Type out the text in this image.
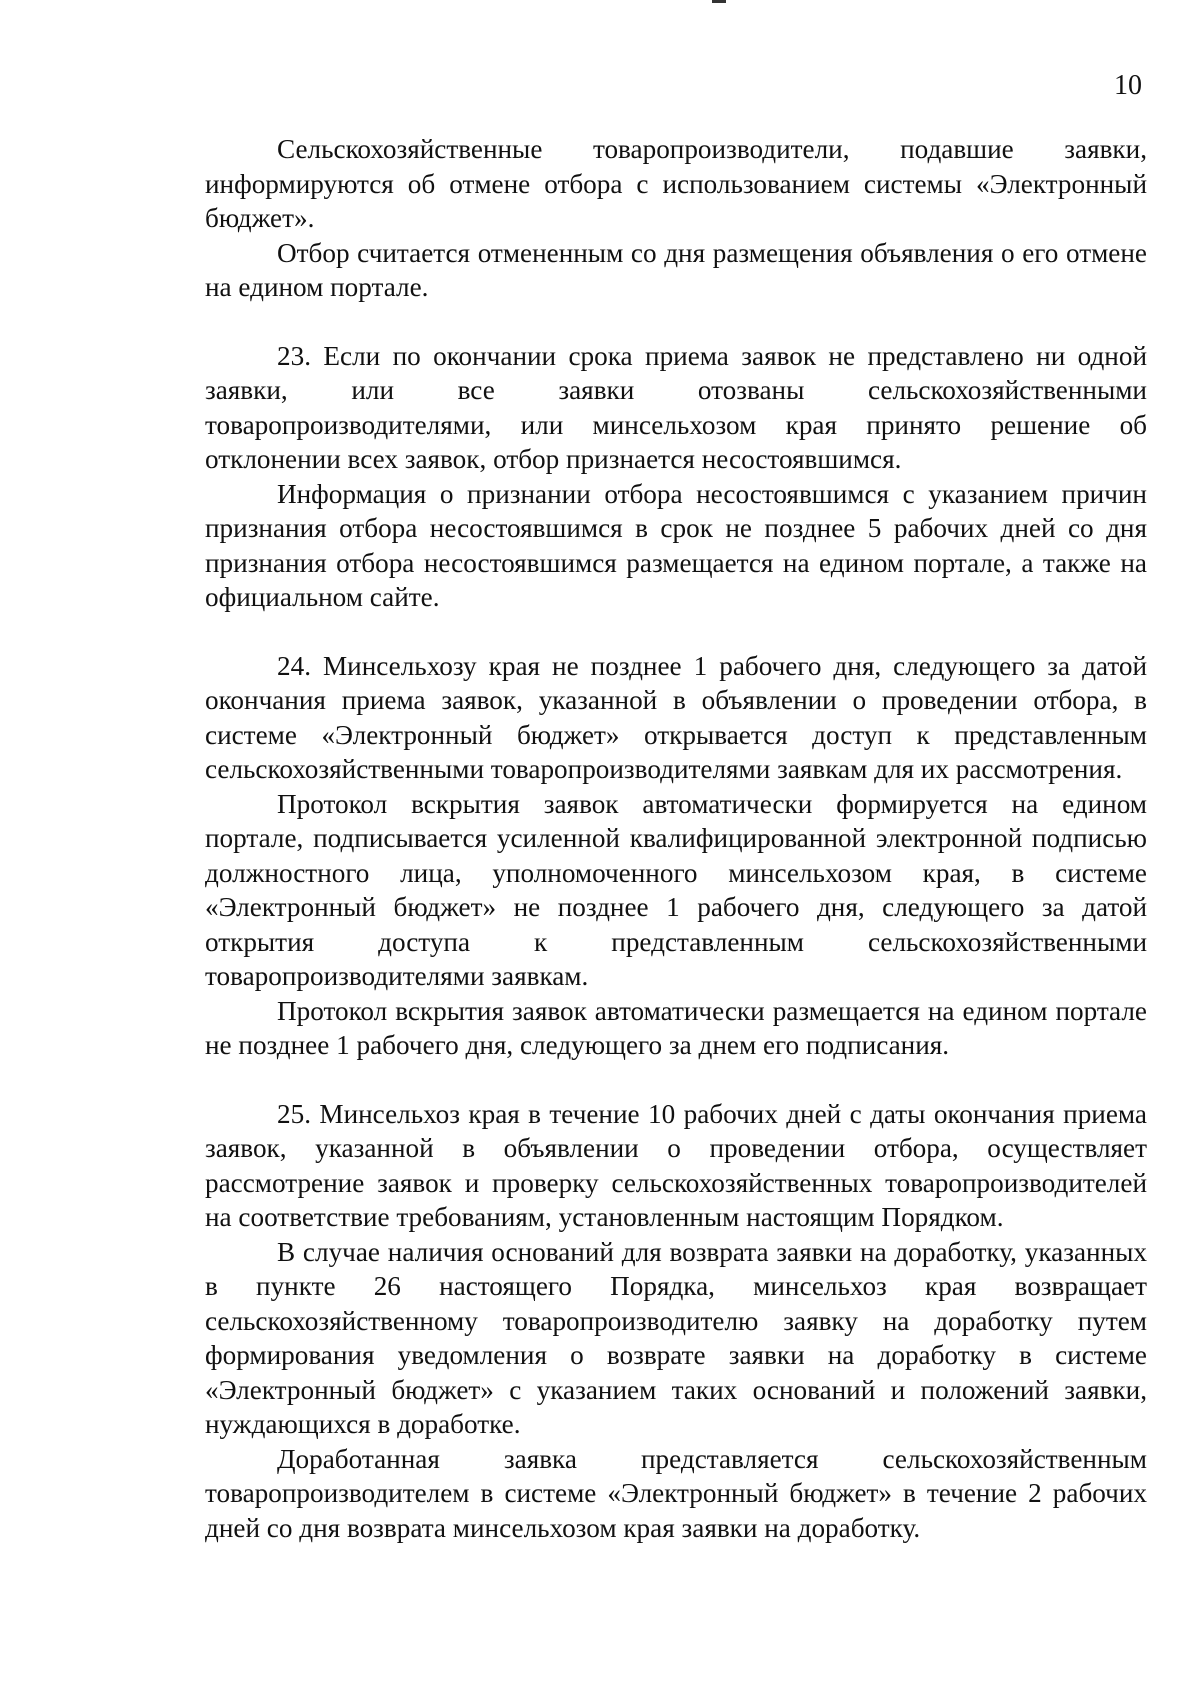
10

Сельскохозяйственные товаропроизводители, подавшие заявки, информируются об отмене отбора с использованием системы «Электронный бюджет».

Отбор считается отмененным со дня размещения объявления о его отмене на едином портале.

23. Если по окончании срока приема заявок не представлено ни одной заявки, или все заявки отозваны сельскохозяйственными товаропроизводителями, или минсельхозом края принято решение об отклонении всех заявок, отбор признается несостоявшимся.

Информация о признании отбора несостоявшимся с указанием причин признания отбора несостоявшимся в срок не позднее 5 рабочих дней со дня признания отбора несостоявшимся размещается на едином портале, а также на официальном сайте.

24. Минсельхозу края не позднее 1 рабочего дня, следующего за датой окончания приема заявок, указанной в объявлении о проведении отбора, в системе «Электронный бюджет» открывается доступ к представленным сельскохозяйственными товаропроизводителями заявкам для их рассмотрения.

Протокол вскрытия заявок автоматически формируется на едином портале, подписывается усиленной квалифицированной электронной подписью должностного лица, уполномоченного минсельхозом края, в системе «Электронный бюджет» не позднее 1 рабочего дня, следующего за датой открытия доступа к представленным сельскохозяйственными товаропроизводителями заявкам.

Протокол вскрытия заявок автоматически размещается на едином портале не позднее 1 рабочего дня, следующего за днем его подписания.

25. Минсельхоз края в течение 10 рабочих дней с даты окончания приема заявок, указанной в объявлении о проведении отбора, осуществляет рассмотрение заявок и проверку сельскохозяйственных товаропроизводителей на соответствие требованиям, установленным настоящим Порядком.

В случае наличия оснований для возврата заявки на доработку, указанных в пункте 26 настоящего Порядка, минсельхоз края возвращает сельскохозяйственному товаропроизводителю заявку на доработку путем формирования уведомления о возврате заявки на доработку в системе «Электронный бюджет» с указанием таких оснований и положений заявки, нуждающихся в доработке.

Доработанная заявка представляется сельскохозяйственным товаропроизводителем в системе «Электронный бюджет» в течение 2 рабочих дней со дня возврата минсельхозом края заявки на доработку.
